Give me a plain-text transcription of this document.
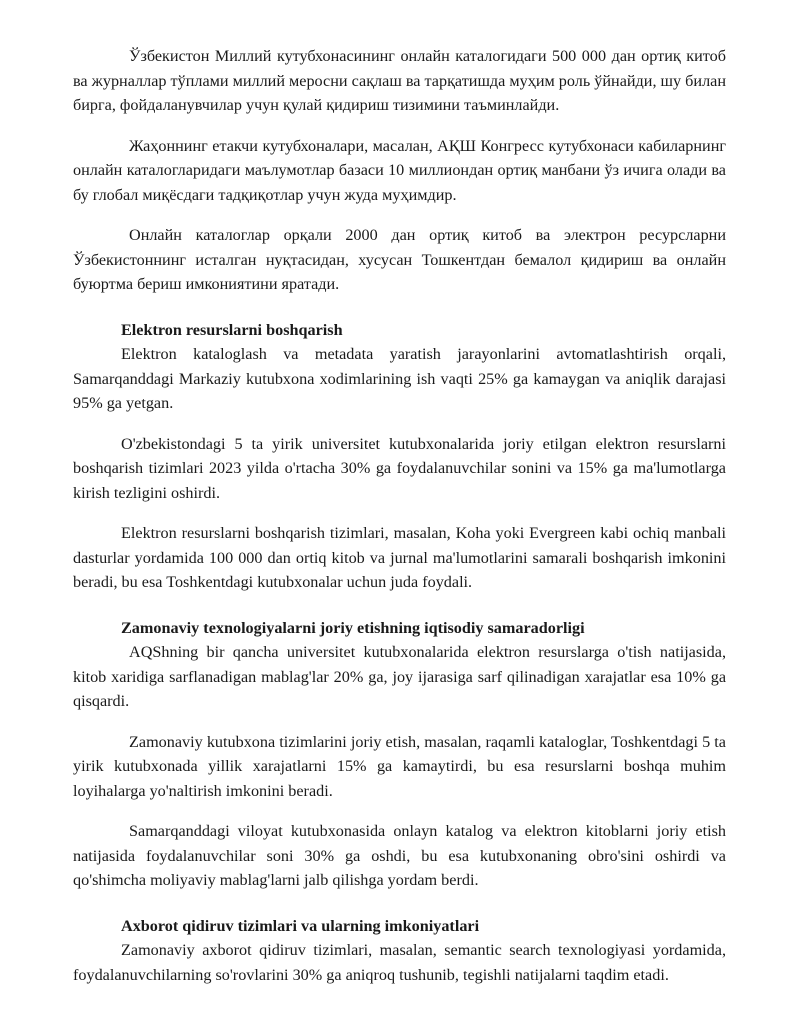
Ўзбекистон Миллий кутубхонасининг онлайн каталогидаги 500 000 дан ортиқ китоб ва журналлар тўплами миллий меросни сақлаш ва тарқатишда муҳим роль ўйнайди, шу билан бирга, фойдаланувчилар учун қулай қидириш тизимини таъминлайди.

Жаҳоннинг етакчи кутубхоналари, масалан, АҚШ Конгресс кутубхонаси кабиларнинг онлайн каталогларидаги маълумотлар базаси 10 миллиондан ортиқ манбани ўз ичига олади ва бу глобал миқёсдаги тадқиқотлар учун жуда муҳимдир.

Онлайн каталоглар орқали 2000 дан ортиқ китоб ва электрон ресурсларни Ўзбекистоннинг исталган нуқтасидан, хусусан Тошкентдан бемалол қидириш ва онлайн буюртма бериш имкониятини яратади.

Elektron resurslarni boshqarish

Elektron kataloglash va metadata yaratish jarayonlarini avtomatlashtirish orqali, Samarqanddagi Markaziy kutubxona xodimlarining ish vaqti 25% ga kamaygan va aniqlik darajasi 95% ga yetgan.

O'zbekistondagi 5 ta yirik universitet kutubxonalarida joriy etilgan elektron resurslarni boshqarish tizimlari 2023 yilda o'rtacha 30% ga foydalanuvchilar sonini va 15% ga ma'lumotlarga kirish tezligini oshirdi.

Elektron resurslarni boshqarish tizimlari, masalan, Koha yoki Evergreen kabi ochiq manbali dasturlar yordamida 100 000 dan ortiq kitob va jurnal ma'lumotlarini samarali boshqarish imkonini beradi, bu esa Toshkentdagi kutubxonalar uchun juda foydali.

Zamonaviy texnologiyalarni joriy etishning iqtisodiy samaradorligi

AQShning bir qancha universitet kutubxonalarida elektron resurslarga o'tish natijasida, kitob xaridiga sarflanadigan mablag'lar 20% ga, joy ijarasiga sarf qilinadigan xarajatlar esa 10% ga qisqardi.

Zamonaviy kutubxona tizimlarini joriy etish, masalan, raqamli kataloglar, Toshkentdagi 5 ta yirik kutubxonada yillik xarajatlarni 15% ga kamaytirdi, bu esa resurslarni boshqa muhim loyihalarga yo'naltirish imkonini beradi.

Samarqanddagi viloyat kutubxonasida onlayn katalog va elektron kitoblarni joriy etish natijasida foydalanuvchilar soni 30% ga oshdi, bu esa kutubxonaning obro'sini oshirdi va qo'shimcha moliyaviy mablag'larni jalb qilishga yordam berdi.

Axborot qidiruv tizimlari va ularning imkoniyatlari

Zamonaviy axborot qidiruv tizimlari, masalan, semantic search texnologiyasi yordamida, foydalanuvchilarning so'rovlarini 30% ga aniqroq tushunib, tegishli natijalarni taqdim etadi.
